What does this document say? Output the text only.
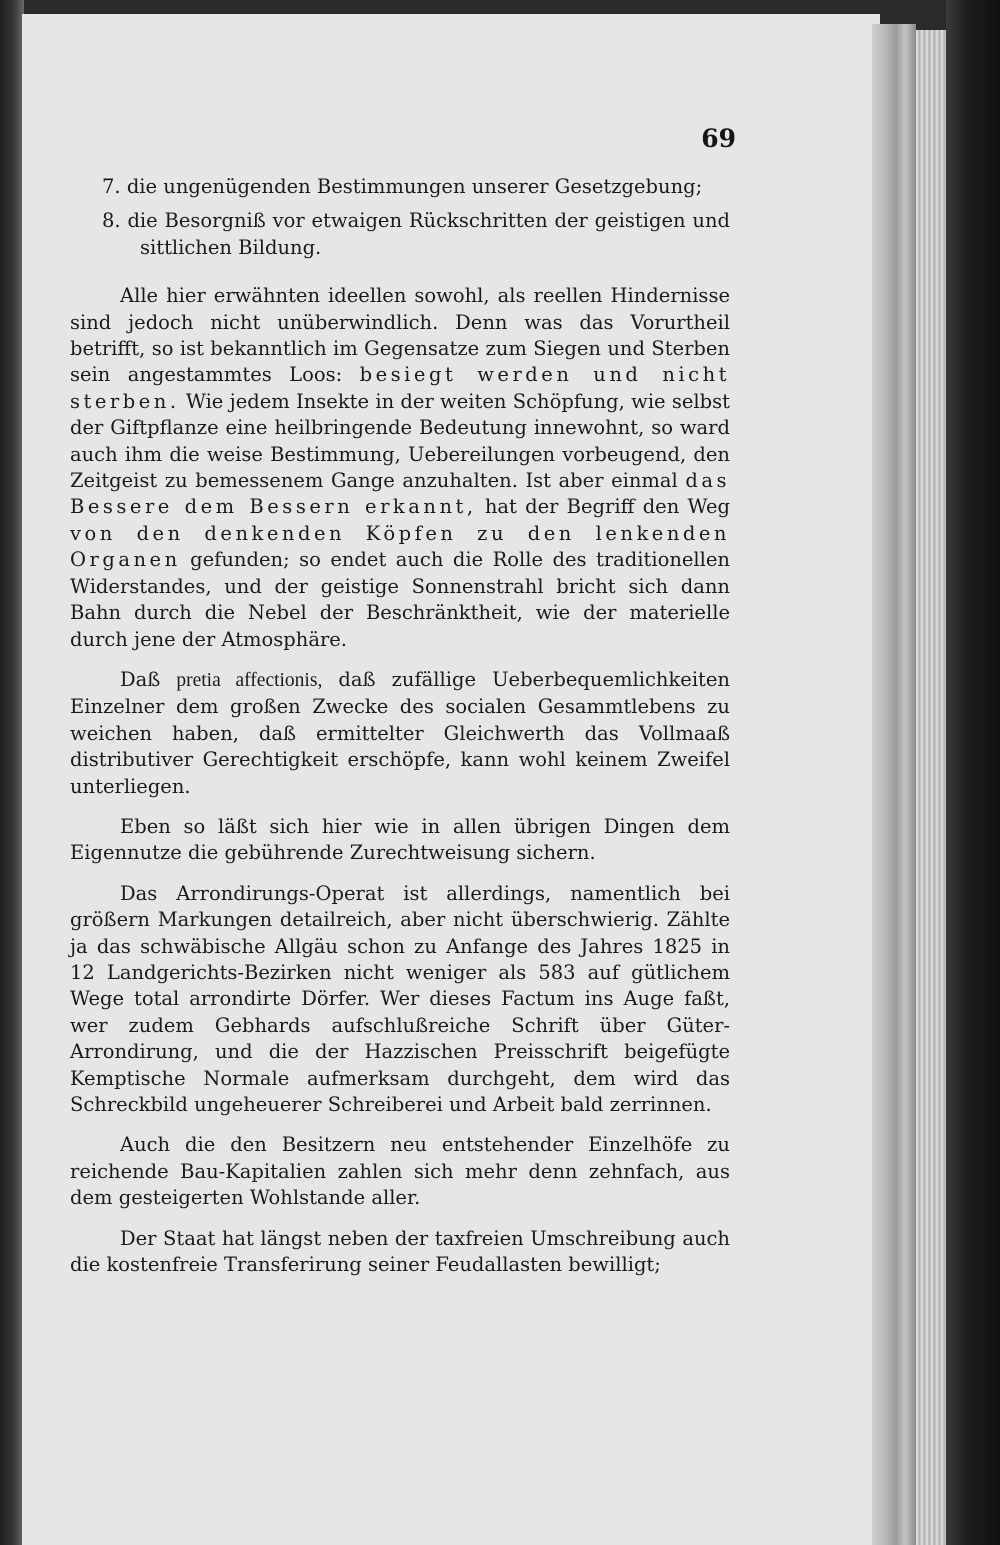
69

7. die ungenügenden Bestimmungen unserer Gesetzgebung;

8. die Besorgniß vor etwaigen Rückschritten der geistigen und sittlichen Bildung.

Alle hier erwähnten ideellen sowohl, als reellen Hindernisse sind jedoch nicht unüberwindlich. Denn was das Vorurtheil betrifft, so ist bekanntlich im Gegensatze zum Siegen und Sterben sein angestammtes Loos: besiegt werden und nicht sterben. Wie jedem Insekte in der weiten Schöpfung, wie selbst der Giftpflanze eine heilbringende Bedeutung innewohnt, so ward auch ihm die weise Bestimmung, Uebereilungen vorbeugend, den Zeitgeist zu bemessenem Gange anzuhalten. Ist aber einmal das Bessere dem Bessern erkannt, hat der Begriff den Weg von den denkenden Köpfen zu den lenkenden Organen gefunden; so endet auch die Rolle des traditionellen Widerstandes, und der geistige Sonnenstrahl bricht sich dann Bahn durch die Nebel der Beschränktheit, wie der materielle durch jene der Atmosphäre.

Daß pretia affectionis, daß zufällige Ueberbequemlichkeiten Einzelner dem großen Zwecke des socialen Gesammtlebens zu weichen haben, daß ermittelter Gleichwerth das Vollmaaß distributiver Gerechtigkeit erschöpfe, kann wohl keinem Zweifel unterliegen.

Eben so läßt sich hier wie in allen übrigen Dingen dem Eigennutze die gebührende Zurechtweisung sichern.

Das Arrondirungs-Operat ist allerdings, namentlich bei größern Markungen detailreich, aber nicht überschwierig. Zählte ja das schwäbische Allgäu schon zu Anfange des Jahres 1825 in 12 Landgerichts-Bezirken nicht weniger als 583 auf gütlichem Wege total arrondirte Dörfer. Wer dieses Factum ins Auge faßt, wer zudem Gebhards aufschlußreiche Schrift über Güter-Arrondirung, und die der Hazzischen Preisschrift beigefügte Kemptische Normale aufmerksam durchgeht, dem wird das Schreckbild ungeheuerer Schreiberei und Arbeit bald zerrinnen.

Auch die den Besitzern neu entstehender Einzelhöfe zu reichende Bau-Kapitalien zahlen sich mehr denn zehnfach, aus dem gesteigerten Wohlstande aller.

Der Staat hat längst neben der taxfreien Umschreibung auch die kostenfreie Transferirung seiner Feudallasten bewilligt;
